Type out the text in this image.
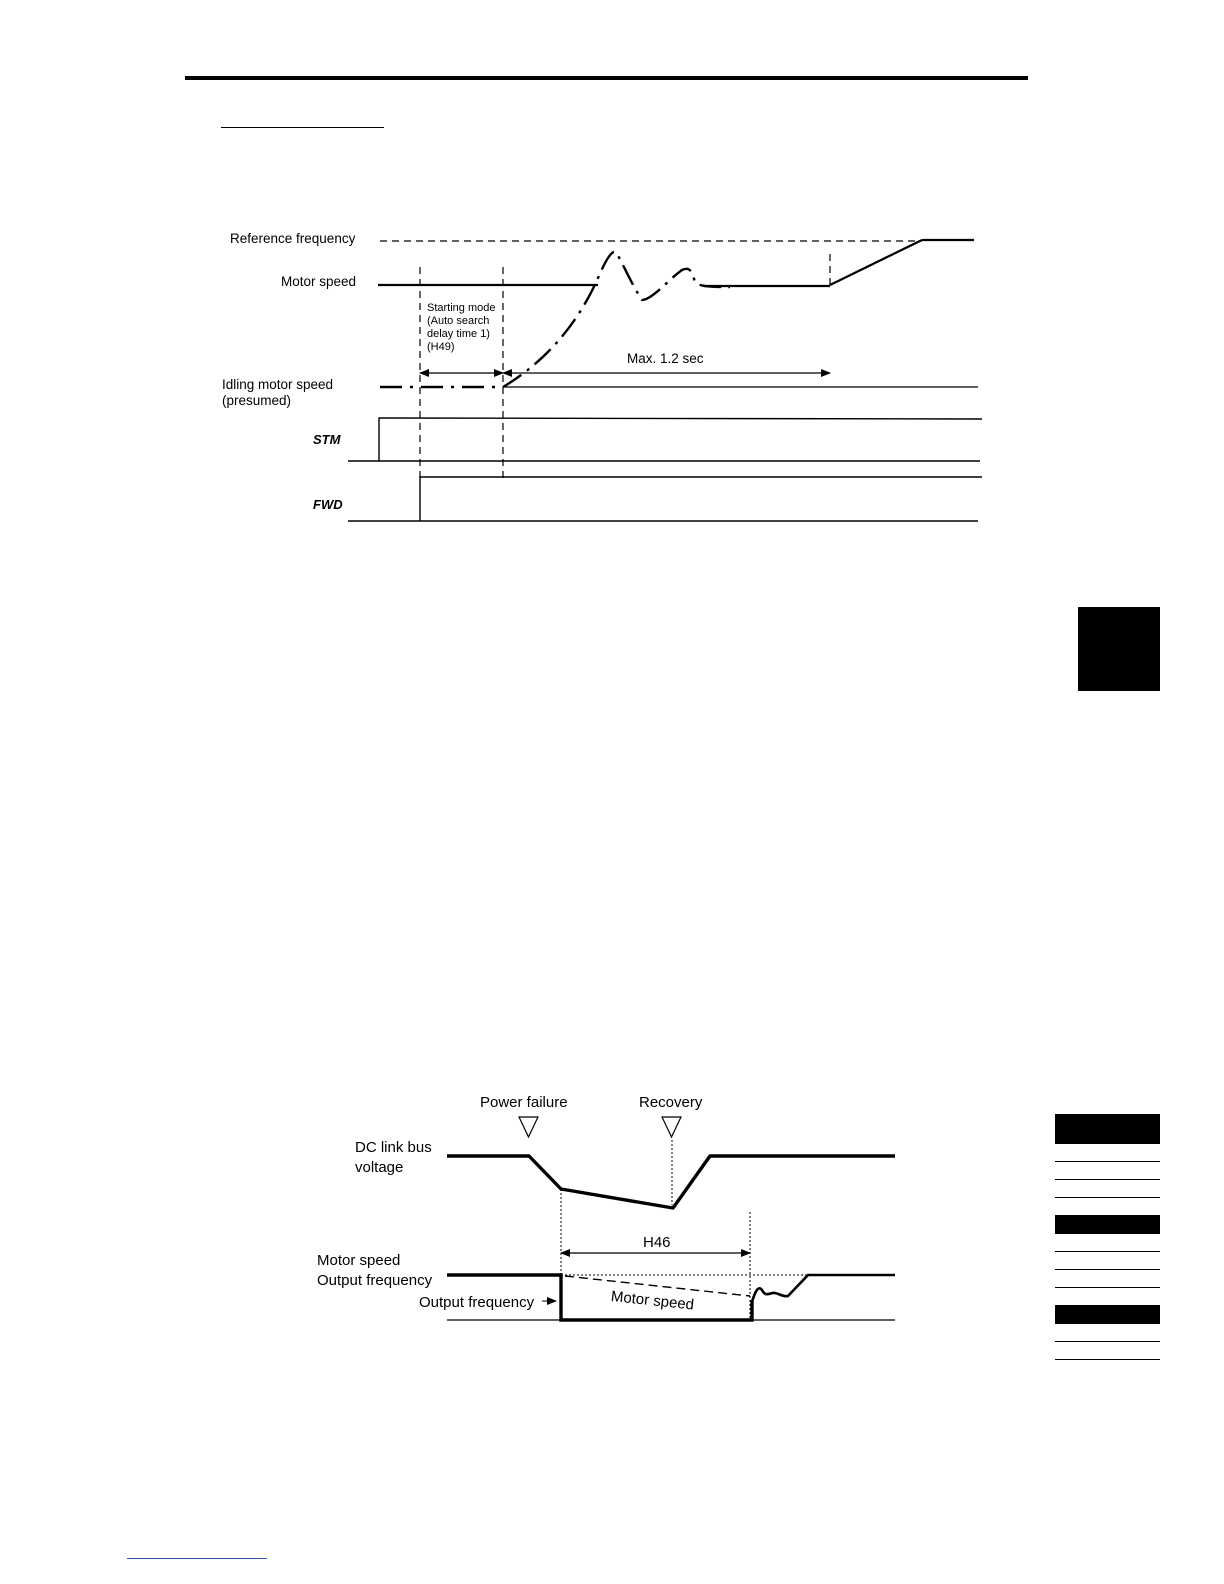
Reference frequency
Motor speed
Idling motor speed
(presumed)
STM
FWD
Starting mode
(Auto search
delay time 1)
(H49)
Max. 1.2 sec
Power failure	Recovery
DC link bus
voltage
Motor speed
Output frequency
Output frequency
H46
Motor speed
